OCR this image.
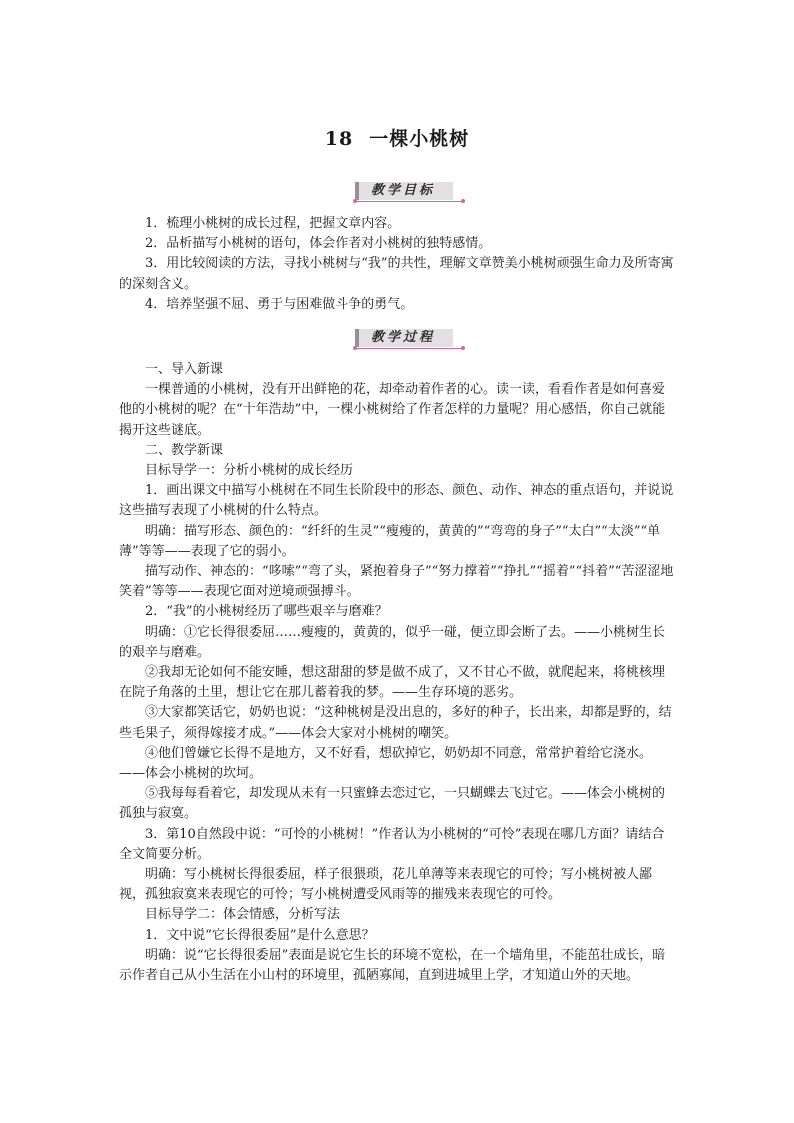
18 一棵小桃树
教学目标

1．梳理小桃树的成长过程，把握文章内容。

2．品析描写小桃树的语句，体会作者对小桃树的独特感情。

3．用比较阅读的方法，寻找小桃树与“我”的共性，理解文章赞美小桃树顽强生命力及所寄寓的深刻含义。

4．培养坚强不屈、勇于与困难做斗争的勇气。

教学过程

一、导入新课

一棵普通的小桃树，没有开出鲜艳的花，却牵动着作者的心。读一读，看看作者是如何喜爱他的小桃树的呢？在“十年浩劫”中，一棵小桃树给了作者怎样的力量呢？用心感悟，你自己就能揭开这些谜底。

二、教学新课

目标导学一：分析小桃树的成长经历

1．画出课文中描写小桃树在不同生长阶段中的形态、颜色、动作、神态的重点语句，并说说这些描写表现了小桃树的什么特点。

明确：描写形态、颜色的：“纤纤的生灵”“瘦瘦的，黄黄的”“弯弯的身子”“太白”“太淡”“单薄”等等——表现了它的弱小。

描写动作、神态的：“哆嗦”“弯了头，紧抱着身子”“努力撑着”“挣扎”“摇着”“抖着”“苦涩涩地笑着”等等——表现它面对逆境顽强搏斗。

2．“我”的小桃树经历了哪些艰辛与磨难？

明确：①它长得很委屈……瘦瘦的，黄黄的，似乎一碰，便立即会断了去。——小桃树生长的艰辛与磨难。

②我却无论如何不能安睡，想这甜甜的梦是做不成了，又不甘心不做，就爬起来，将桃核埋在院子角落的土里，想让它在那儿蓄着我的梦。——生存环境的恶劣。

③大家都笑话它，奶奶也说：“这种桃树是没出息的，多好的种子，长出来，却都是野的，结些毛果子，须得嫁接才成。”——体会大家对小桃树的嘲笑。

④他们曾嫌它长得不是地方，又不好看，想砍掉它，奶奶却不同意，常常护着给它浇水。——体会小桃树的坎坷。

⑤我每每看着它，却发现从未有一只蜜蜂去恋过它，一只蝴蝶去飞过它。——体会小桃树的孤独与寂寞。

3．第10自然段中说：“可怜的小桃树！”作者认为小桃树的“可怜”表现在哪几方面？请结合全文简要分析。

明确：写小桃树长得很委屈，样子很猥琐，花儿单薄等来表现它的可怜；写小桃树被人鄙视，孤独寂寞来表现它的可怜；写小桃树遭受风雨等的摧残来表现它的可怜。

目标导学二：体会情感，分析写法

1．文中说“它长得很委屈”是什么意思？

明确：说“它长得很委屈”表面是说它生长的环境不宽松，在一个墙角里，不能茁壮成长，暗示作者自己从小生活在小山村的环境里，孤陋寡闻，直到进城里上学，才知道山外的天地。
